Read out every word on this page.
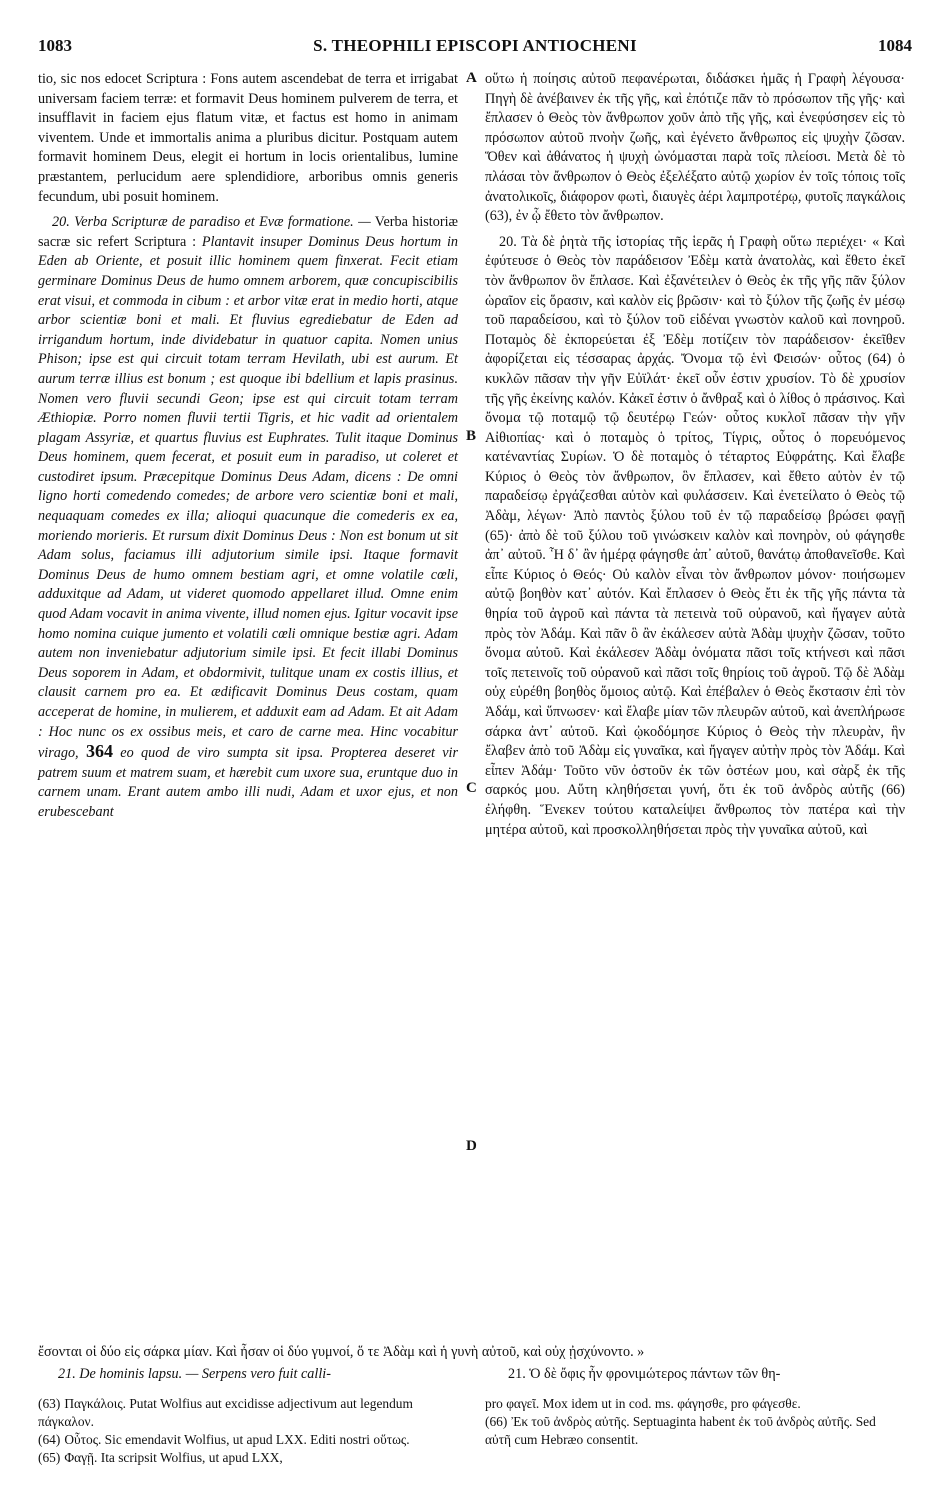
1083	S. THEOPHILI EPISCOPI ANTIOCHENI	1084
A
B
C
D

tio, sic nos edocet Scriptura : Fons autem ascendebat de terra et irrigabat universam faciem terræ: et formavit Deus hominem pulverem de terra, et insufflavit in faciem ejus flatum vitæ, et factus est homo in animam viventem. Unde et immortalis anima a pluribus dicitur. Postquam autem formavit hominem Deus, elegit ei hortum in locis orientalibus, lumine præstantem, perlucidum aere splendidiore, arboribus omnis generis fecundum, ubi posuit hominem.

20. Verba Scripturæ de paradiso et Evæ formatione. — Verba historiæ sacræ sic refert Scriptura : Plantavit insuper Dominus Deus hortum in Eden ab Oriente, et posuit illic hominem quem finxerat. Fecit etiam germinare Dominus Deus de humo omnem arborem, quæ concupiscibilis erat visui, et commoda in cibum : et arbor vitæ erat in medio horti, atque arbor scientiæ boni et mali. Et fluvius egrediebatur de Eden ad irrigandum hortum, inde dividebatur in quatuor capita. Nomen unius Phison; ipse est qui circuit totam terram Hevilath, ubi est aurum. Et aurum terræ illius est bonum ; est quoque ibi bdellium et lapis prasinus. Nomen vero fluvii secundi Geon; ipse est qui circuit totam terram Æthiopiæ. Porro nomen fluvii tertii Tigris, et hic vadit ad orientalem plagam Assyriæ, et quartus fluvius est Euphrates. Tulit itaque Dominus Deus hominem, quem fecerat, et posuit eum in paradiso, ut coleret et custodiret ipsum. Præcepitque Dominus Deus Adam, dicens : De omni ligno horti comedendo comedes; de arbore vero scientiæ boni et mali, nequaquam comedes ex illa; alioqui quacunque die comederis ex ea, moriendo morieris. Et rursum dixit Dominus Deus : Non est bonum ut sit Adam solus, faciamus illi adjutorium simile ipsi. Itaque formavit Dominus Deus de humo omnem bestiam agri, et omne volatile cœli, adduxitque ad Adam, ut videret quomodo appellaret illud. Omne enim quod Adam vocavit in anima vivente, illud nomen ejus. Igitur vocavit ipse homo nomina cuique jumento et volatili cœli omnique bestiæ agri. Adam autem non inveniebatur adjutorium simile ipsi. Et fecit illabi Dominus Deus soporem in Adam, et obdormivit, tulitque unam ex costis illius, et clausit carnem pro ea. Et ædificavit Dominus Deus costam, quam acceperat de homine, in mulierem, et adduxit eam ad Adam. Et ait Adam : Hoc nunc os ex ossibus meis, et caro de carne mea. Hinc vocabitur virago, 364 eo quod de viro sumpta sit ipsa. Propterea deseret vir patrem suum et matrem suam, et hærebit cum uxore sua, eruntque duo in carnem unam. Erant autem ambo illi nudi, Adam et uxor ejus, et non erubescebant

οὕτω ἡ ποίησις αὐτοῦ πεφανέρωται, διδάσκει ἡμᾶς ἡ Γραφὴ λέγουσα· Πηγὴ δὲ ἀνέβαινεν ἐκ τῆς γῆς, καὶ ἐπότιζε πᾶν τὸ πρόσωπον τῆς γῆς· καὶ ἔπλασεν ὁ Θεὸς τὸν ἄνθρωπον χοῦν ἀπὸ τῆς γῆς, καὶ ἐνεφύσησεν εἰς τὸ πρόσωπον αὐτοῦ πνοὴν ζωῆς, καὶ ἐγένετο ἄνθρωπος εἰς ψυχὴν ζῶσαν. Ὅθεν καὶ ἀθάνατος ἡ ψυχὴ ὠνόμασται παρὰ τοῖς πλείοσι. Μετὰ δὲ τὸ πλάσαι τὸν ἄνθρωπον ὁ Θεὸς ἐξελέξατο αὐτῷ χωρίον ἐν τοῖς τόποις τοῖς ἀνατολικοῖς, διάφορον φωτὶ, διαυγὲς ἀέρι λαμπροτέρῳ, φυτοῖς παγκάλοις (63), ἐν ᾧ ἔθετο τὸν ἄνθρωπον.

20. Τὰ δὲ ῥητὰ τῆς ἱστορίας τῆς ἱερᾶς ἡ Γραφὴ οὕτω περιέχει· « Καὶ ἐφύτευσε ὁ Θεὸς τὸν παράδεισον Ἐδὲμ κατὰ ἀνατολὰς, καὶ ἔθετο ἐκεῖ τὸν ἄνθρωπον ὃν ἔπλασε. Καὶ ἐξανέτειλεν ὁ Θεὸς ἐκ τῆς γῆς πᾶν ξύλον ὡραῖον εἰς ὅρασιν, καὶ καλὸν εἰς βρῶσιν· καὶ τὸ ξύλον τῆς ζωῆς ἐν μέσῳ τοῦ παραδείσου, καὶ τὸ ξύλον τοῦ εἰδέναι γνωστὸν καλοῦ καὶ πονηροῦ. Ποταμὸς δὲ ἐκπορεύεται ἐξ Ἐδὲμ ποτίζειν τὸν παράδεισον· ἐκεῖθεν ἀφορίζεται εἰς τέσσαρας ἀρχάς. Ὄνομα τῷ ἑνὶ Φεισών· οὗτος (64) ὁ κυκλῶν πᾶσαν τὴν γῆν Εὐϊλάτ· ἐκεῖ οὖν ἐστιν χρυσίον. Τὸ δὲ χρυσίον τῆς γῆς ἐκείνης καλόν. Κἀκεῖ ἐστιν ὁ ἄνθραξ καὶ ὁ λίθος ὁ πράσινος. Καὶ ὄνομα τῷ ποταμῷ τῷ δευτέρῳ Γεών· οὗτος κυκλοῖ πᾶσαν τὴν γῆν Αἰθιοπίας· καὶ ὁ ποταμὸς ὁ τρίτος, Τίγρις, οὗτος ὁ πορευόμενος κατέναντίας Συρίων. Ὁ δὲ ποταμὸς ὁ τέταρτος Εὐφράτης. Καὶ ἔλαβε Κύριος ὁ Θεὸς τὸν ἄνθρωπον, ὃν ἔπλασεν, καὶ ἔθετο αὐτὸν ἐν τῷ παραδείσῳ ἐργάζεσθαι αὐτὸν καὶ φυλάσσειν. Καὶ ἐνετείλατο ὁ Θεὸς τῷ Ἀδὰμ, λέγων· Ἀπὸ παντὸς ξύλου τοῦ ἐν τῷ παραδείσῳ βρώσει φαγῇ (65)· ἀπὸ δὲ τοῦ ξύλου τοῦ γινώσκειν καλὸν καὶ πονηρὸν, οὐ φάγησθε ἀπ᾽ αὐτοῦ. Ἧ δ᾽ ἂν ἡμέρᾳ φάγησθε ἀπ᾽ αὐτοῦ, θανάτῳ ἀποθανεῖσθε. Καὶ εἶπε Κύριος ὁ Θεός· Οὐ καλὸν εἶναι τὸν ἄνθρωπον μόνον· ποιήσωμεν αὐτῷ βοηθὸν κατ᾽ αὐτόν. Καὶ ἔπλασεν ὁ Θεὸς ἔτι ἐκ τῆς γῆς πάντα τὰ θηρία τοῦ ἀγροῦ καὶ πάντα τὰ πετεινὰ τοῦ οὐρανοῦ, καὶ ἤγαγεν αὐτὰ πρὸς τὸν Ἀδάμ. Καὶ πᾶν ὃ ἂν ἐκάλεσεν αὐτὰ Ἀδὰμ ψυχὴν ζῶσαν, τοῦτο ὄνομα αὐτοῦ. Καὶ ἐκάλεσεν Ἀδὰμ ὀνόματα πᾶσι τοῖς κτήνεσι καὶ πᾶσι τοῖς πετεινοῖς τοῦ οὐρανοῦ καὶ πᾶσι τοῖς θηρίοις τοῦ ἀγροῦ. Τῷ δὲ Ἀδὰμ οὐχ εὑρέθη βοηθὸς ὅμοιος αὐτῷ. Καὶ ἐπέβαλεν ὁ Θεὸς ἔκστασιν ἐπὶ τὸν Ἀδάμ, καὶ ὕπνωσεν· καὶ ἔλαβε μίαν τῶν πλευρῶν αὐτοῦ, καὶ ἀνεπλήρωσε σάρκα ἀντ᾽ αὐτοῦ. Καὶ ᾠκοδόμησε Κύριος ὁ Θεὸς τὴν πλευρὰν, ἣν ἔλαβεν ἀπὸ τοῦ Ἀδὰμ εἰς γυναῖκα, καὶ ἤγαγεν αὐτὴν πρὸς τὸν Ἀδάμ. Καὶ εἶπεν Ἀδάμ· Τοῦτο νῦν ὀστοῦν ἐκ τῶν ὀστέων μου, καὶ σὰρξ ἐκ τῆς σαρκός μου. Αὕτη κληθήσεται γυνή, ὅτι ἐκ τοῦ ἀνδρὸς αὐτῆς (66) ἐλήφθη. Ἕνεκεν τούτου καταλείψει ἄνθρωπος τὸν πατέρα καὶ τὴν μητέρα αὐτοῦ, καὶ προσκολληθήσεται πρὸς τὴν γυναῖκα αὐτοῦ, καὶ

ἔσονται οἱ δύο εἰς σάρκα μίαν. Καὶ ἦσαν οἱ δύο γυμνοί, ὅ τε Ἀδὰμ καὶ ἡ γυνὴ αὐτοῦ, καὶ οὐχ ᾐσχύνοντο. »
21. De hominis lapsu. — Serpens vero fuit calli-	21. Ὁ δὲ ὄφις ἦν φρονιμώτερος πάντων τῶν θη-

(63) Παγκάλοις. Putat Wolfius aut excidisse adjectivum aut legendum πάγκαλον.

(64) Οὗτος. Sic emendavit Wolfius, ut apud LXX. Editi nostri οὕτως.

(65) Φαγῇ. Ita scripsit Wolfius, ut apud LXX,

pro φαγεῖ. Mox idem ut in cod. ms. φάγησθε, pro φάγεσθε.

(66) Ἐκ τοῦ ἀνδρὸς αὐτῆς. Septuaginta habent ἐκ τοῦ ἀνδρὸς αὐτῆς. Sed αὐτῆ cum Hebræo consentit.
